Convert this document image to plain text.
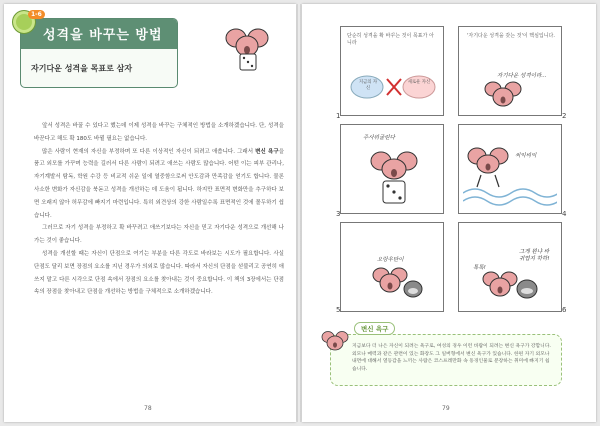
성격을 바꾸는 방법
자기다운 성격을 목표로 삼자
1-6

앞서 성격은 바꿀 수 있다고 했는데 이제 성격을 바꾸는 구체적인 방법을 소개하겠습니다. 단, 성격을 바꾼다고 해도 확 180도 바뀔 필요는 없습니다.

많은 사람이 현재의 자신을 부정하며 또 다른 이상적인 자신이 되려고 애씁니다. 그래서 변신 욕구을 품고 외모를 가꾸며 능력을 길러서 다른 사람이 되려고 애쓰는 사람도 많습니다. 어떤 이는 피부 관리나, 자기계발서 탐독, 학원 수강 등 비교적 쉬운 일에 열중함으로써 안도감과 만족감을 얻기도 합니다. 물론 사소한 변화가 자신감을 북돋고 성격을 개선하는 데 도움이 됩니다. 하지만 표면적 변화만을 추구하다 보면 오래지 않아 허무감에 빠지기 마련입니다. 특히 외견상의 강한 사람일수록 표면적인 것에 몰두하기 쉽습니다.

그러므로 자기 성격을 부정하고 확 바꾸려고 애쓰기보다는 자신을 믿고 자기다운 성격으로 개선해 나가는 것이 좋습니다.

성격을 개선할 때는 자신이 단점으로 여기는 부분을 다른 각도로 바라보는 시도가 필요합니다. 사실 단점도 달리 보면 장점의 요소를 지닌 경우가 의외로 많습니다. 따라서 자신의 단점을 섣불리고 공연히 애쓰지 말고 다른 시각으로 단점 속에서 장점의 요소를 찾아내는 것이 중요합니다. 이 책의 3장에서는 단점 속의 장점을 찾아내고 단점을 개선하는 방법을 구체적으로 소개하겠습니다.

78	79
단순히 성격을 확 바꾸는 것이 목표가 아니라
지금의 자신
새로운 자신
1
'자기다운 성격을 갖는 것'이 핵심입니다.
자기다운 성격이라…
2
주사위굴린다
3
씨익씨익
4
오랑우탄이
5
톡톡!
그게 뭔냐 싸 귀엽지 하하!
6
변신 욕구
지금보다 더 나은 자신이 되려는 욕구로, 여성의 경우 이런 바람이 되려는 변신 욕구가 강합니다. 외모나 매력과 같은 관련이 있는 화장도 그 일버형에서 변신 욕구가 있습니다. 한편 자기 외모나 내면에 대해서 열등감을 느끼는 사람은 코스프레만화 속 동경인물로 분장하는 취미에 빠지기 쉽습니다.
